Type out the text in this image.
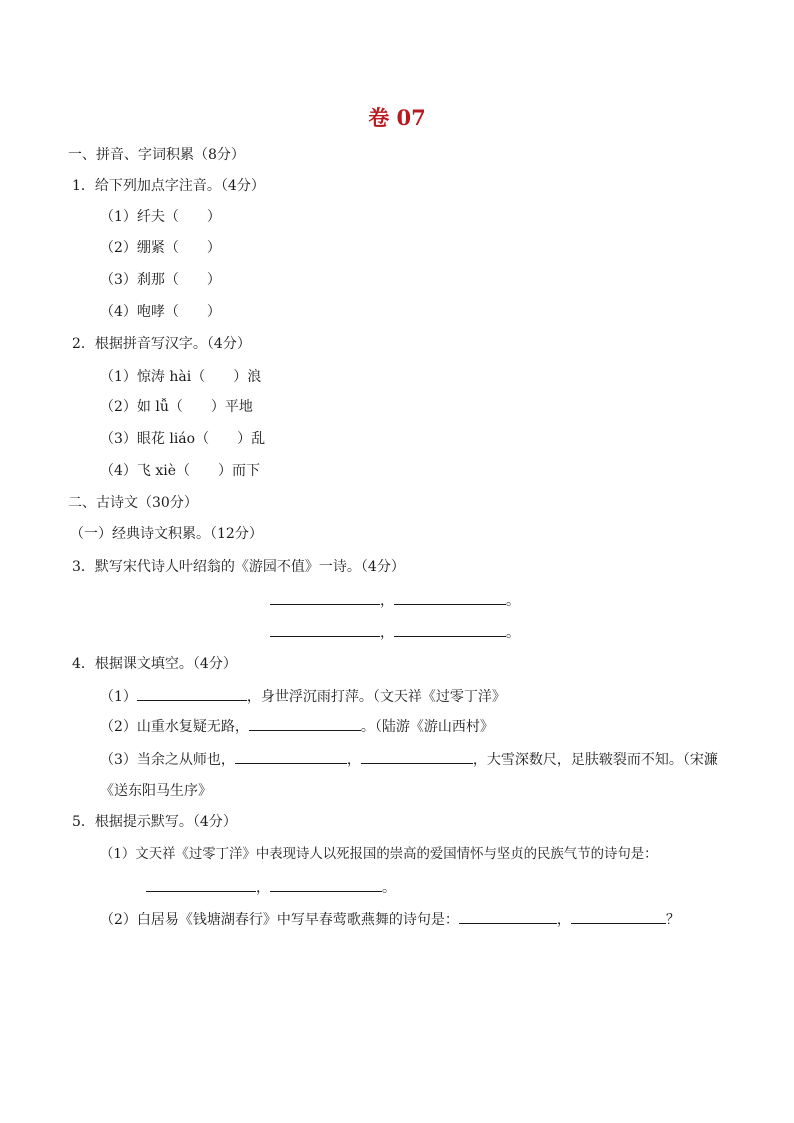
卷 07
一、拼音、字词积累（8分）
1．给下列加点字注音。（4分）
（1）纤夫（　　）
（2）绷紧（　　）
（3）刹那（　　）
（4）咆哮（　　）
2．根据拼音写汉字。（4分）
（1）惊涛 hài（　　）浪
（2）如 lǚ（　　）平地
（3）眼花 liáo（　　）乱
（4）飞 xiè（　　）而下
二、古诗文（30分）
（一）经典诗文积累。（12分）
3．默写宋代诗人叶绍翁的《游园不值》一诗。（4分）
，	。
，	。
4．根据课文填空。（4分）
（1）	，身世浮沉雨打萍。（文天祥《过零丁洋》
（2）山重水复疑无路，	。（陆游《游山西村》
（3）当余之从师也，	，	，大雪深数尺，足肤皲裂而不知。（宋濂
《送东阳马生序》
5．根据提示默写。（4分）
（1）文天祥《过零丁洋》中表现诗人以死报国的崇高的爱国情怀与坚贞的民族气节的诗句是：
，	。
（2）白居易《钱塘湖春行》中写早春莺歌燕舞的诗句是：	，	？
